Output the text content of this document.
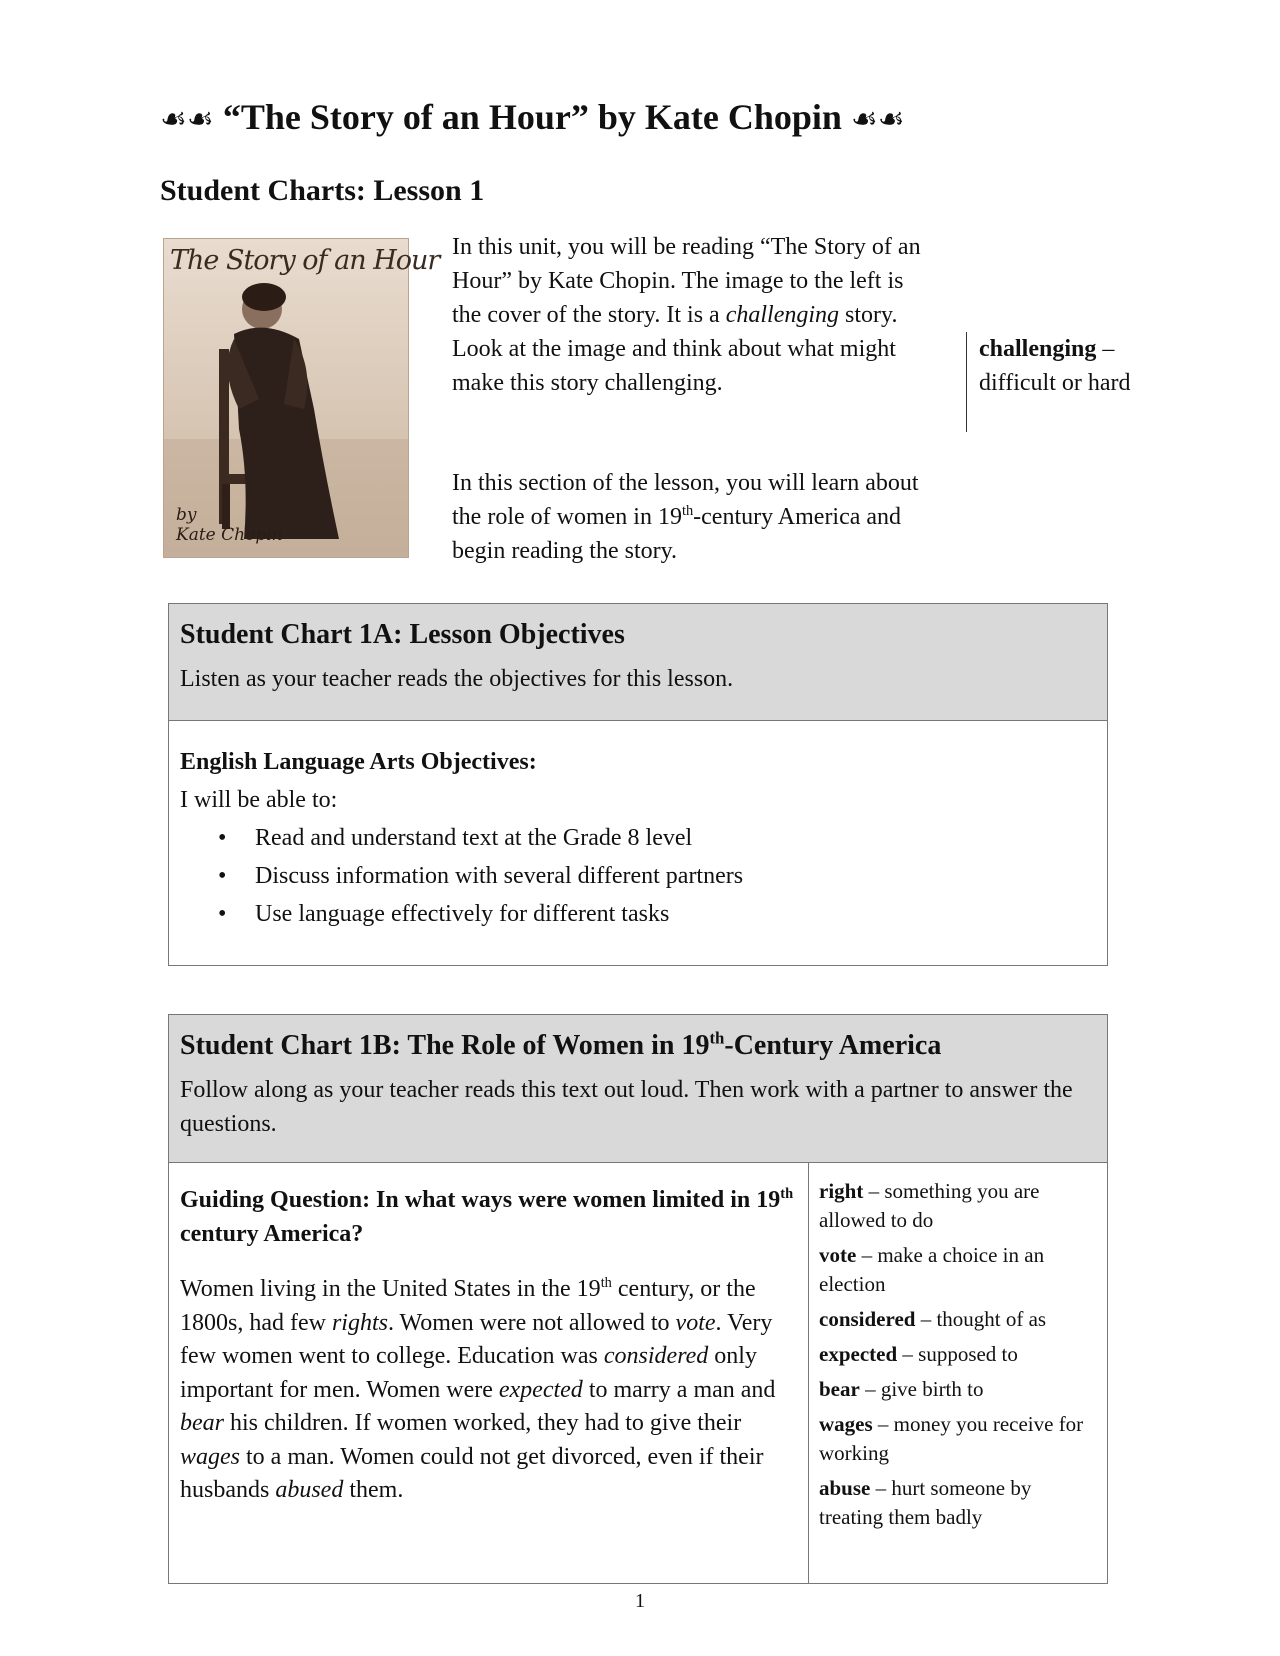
☙☙ “The Story of an Hour” by Kate Chopin ☙☙
Student Charts: Lesson 1
The Story of an Hour
by
Kate Chopin
In this unit, you will be reading “The Story of an Hour” by Kate Chopin. The image to the left is the cover of the story. It is a challenging story. Look at the image and think about what might make this story challenging.
In this section of the lesson, you will learn about the role of women in 19th-century America and begin reading the story.
challenging – difficult or hard
Student Chart 1A: Lesson Objectives
Listen as your teacher reads the objectives for this lesson.
English Language Arts Objectives:
I will be able to:
• Read and understand text at the Grade 8 level
• Discuss information with several different partners
• Use language effectively for different tasks
Student Chart 1B: The Role of Women in 19th-Century America
Follow along as your teacher reads this text out loud. Then work with a partner to answer the questions.
Guiding Question: In what ways were women limited in 19th century America?
Women living in the United States in the 19th century, or the 1800s, had few rights. Women were not allowed to vote. Very few women went to college. Education was considered only important for men. Women were expected to marry a man and bear his children. If women worked, they had to give their wages to a man. Women could not get divorced, even if their husbands abused them.
right – something you are allowed to do
vote – make a choice in an election
considered – thought of as
expected – supposed to
bear – give birth to
wages – money you receive for working
abuse – hurt someone by treating them badly
1
